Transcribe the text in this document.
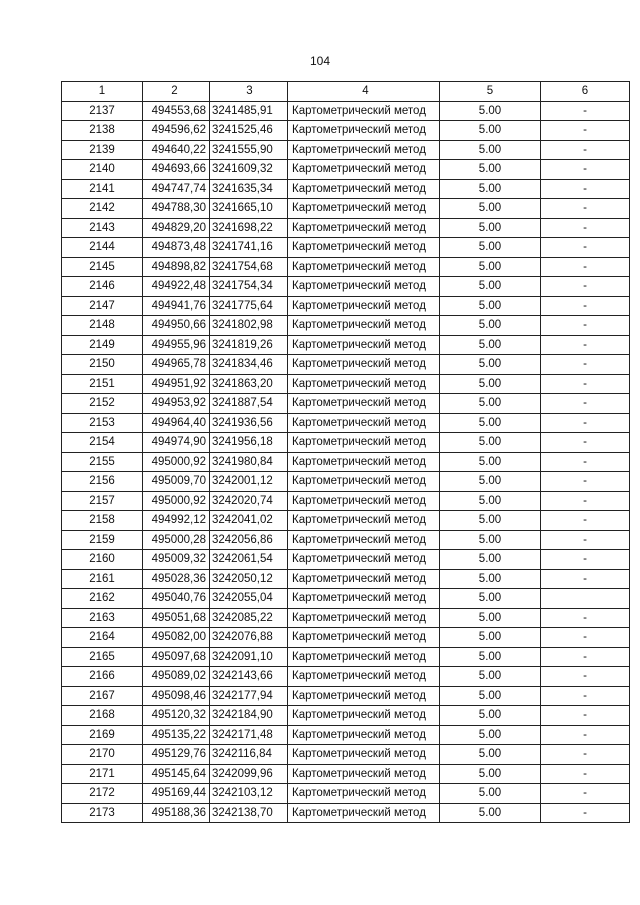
104
1	2	3	4	5	6
2137	494553,68	3241485,91	Картометрический метод	5.00	-
2138	494596,62	3241525,46	Картометрический метод	5.00	-
2139	494640,22	3241555,90	Картометрический метод	5.00	-
2140	494693,66	3241609,32	Картометрический метод	5.00	-
2141	494747,74	3241635,34	Картометрический метод	5.00	-
2142	494788,30	3241665,10	Картометрический метод	5.00	-
2143	494829,20	3241698,22	Картометрический метод	5.00	-
2144	494873,48	3241741,16	Картометрический метод	5.00	-
2145	494898,82	3241754,68	Картометрический метод	5.00	-
2146	494922,48	3241754,34	Картометрический метод	5.00	-
2147	494941,76	3241775,64	Картометрический метод	5.00	-
2148	494950,66	3241802,98	Картометрический метод	5.00	-
2149	494955,96	3241819,26	Картометрический метод	5.00	-
2150	494965,78	3241834,46	Картометрический метод	5.00	-
2151	494951,92	3241863,20	Картометрический метод	5.00	-
2152	494953,92	3241887,54	Картометрический метод	5.00	-
2153	494964,40	3241936,56	Картометрический метод	5.00	-
2154	494974,90	3241956,18	Картометрический метод	5.00	-
2155	495000,92	3241980,84	Картометрический метод	5.00	-
2156	495009,70	3242001,12	Картометрический метод	5.00	-
2157	495000,92	3242020,74	Картометрический метод	5.00	-
2158	494992,12	3242041,02	Картометрический метод	5.00	-
2159	495000,28	3242056,86	Картометрический метод	5.00	-
2160	495009,32	3242061,54	Картометрический метод	5.00	-
2161	495028,36	3242050,12	Картометрический метод	5.00	-
2162	495040,76	3242055,04	Картометрический метод	5.00	
2163	495051,68	3242085,22	Картометрический метод	5.00	-
2164	495082,00	3242076,88	Картометрический метод	5.00	-
2165	495097,68	3242091,10	Картометрический метод	5.00	-
2166	495089,02	3242143,66	Картометрический метод	5.00	-
2167	495098,46	3242177,94	Картометрический метод	5.00	-
2168	495120,32	3242184,90	Картометрический метод	5.00	-
2169	495135,22	3242171,48	Картометрический метод	5.00	-
2170	495129,76	3242116,84	Картометрический метод	5.00	-
2171	495145,64	3242099,96	Картометрический метод	5.00	-
2172	495169,44	3242103,12	Картометрический метод	5.00	-
2173	495188,36	3242138,70	Картометрический метод	5.00	-
